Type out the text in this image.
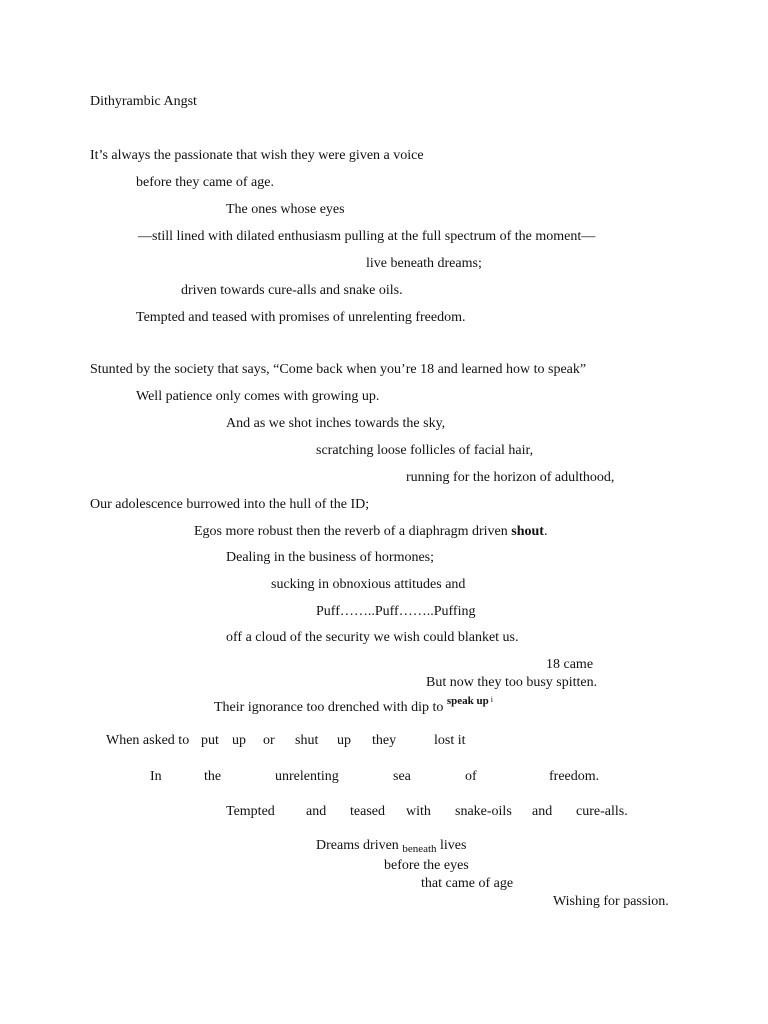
Dithyrambic Angst
It’s always the passionate that wish they were given a voice
before they came of age.
The ones whose eyes
—still lined with dilated enthusiasm pulling at the full spectrum of the moment—
live beneath dreams;
driven towards cure-alls and snake oils.
Tempted and teased with promises of unrelenting freedom.
Stunted by the society that says, “Come back when you’re 18 and learned how to speak”
Well patience only comes with growing up.
And as we shot inches towards the sky,
scratching loose follicles of facial hair,
running for the horizon of adulthood,
Our adolescence burrowed into the hull of the ID;
Egos more robust then the reverb of a diaphragm driven shout.
Dealing in the business of hormones;
sucking in obnoxious attitudes and
Puff……..Puff……..Puffing
off a cloud of the security we wish could blanket us.
18 came
But now they too busy spitten.
Their ignorance too drenched with dip to $^{speak up}$ $^i$
When asked to put up or shut up they	lost it
In	the	unrelenting	sea	of	freedom.
Tempted and teased with snake-oils and cure-alls.
Dreams driven $_{beneath}$ lives
before the eyes
that came of age
Wishing for passion.
